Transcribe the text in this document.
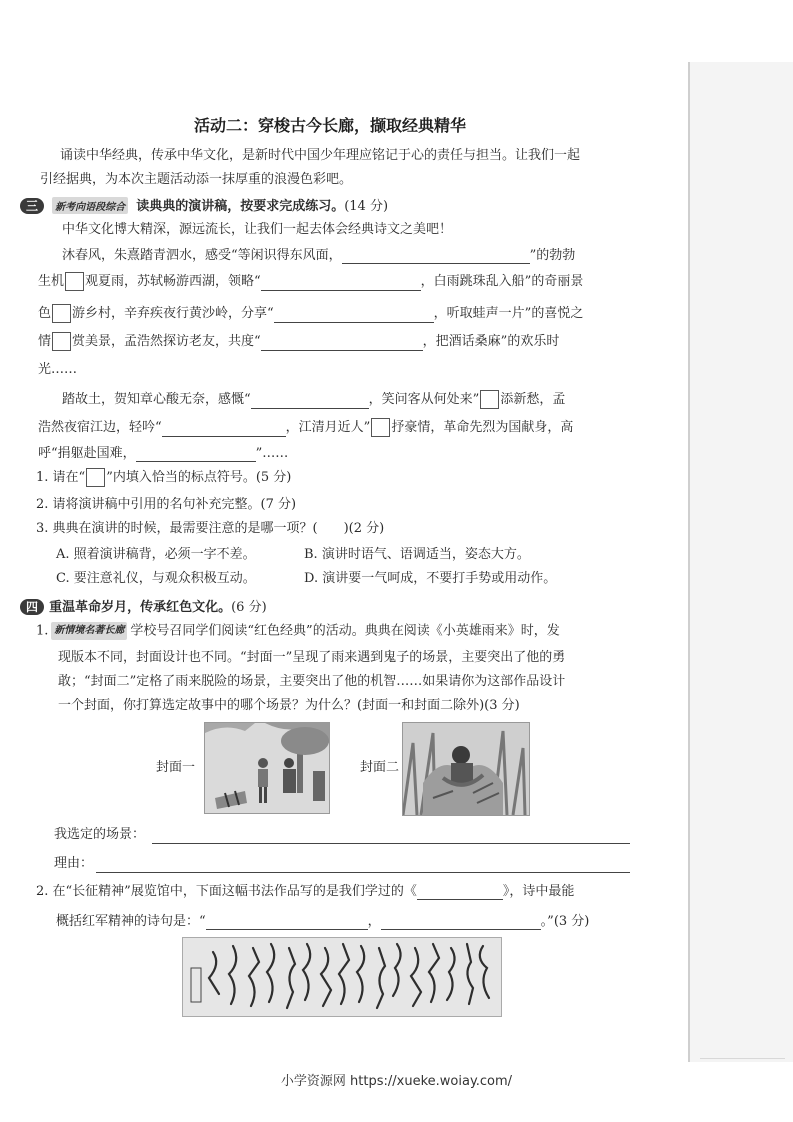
活动二：穿梭古今长廊，撷取经典精华
诵读中华经典，传承中华文化，是新时代中国少年理应铭记于心的责任与担当。让我们一起
引经据典，为本次主题活动添一抹厚重的浪漫色彩吧。
三 新考向语段综合 读典典的演讲稿，按要求完成练习。(14 分)
中华文化博大精深，源远流长，让我们一起去体会经典诗文之美吧！
沐春风，朱熹踏青泗水，感受“等闲识得东风面，	”的勃勃
生机 观夏雨，苏轼畅游西湖，领略“	，白雨跳珠乱入船”的奇丽景
色 游乡村，辛弃疾夜行黄沙岭，分享“	，听取蛙声一片”的喜悦之
情 赏美景，孟浩然探访老友，共度“	，把酒话桑麻”的欢乐时
光……
踏故土，贺知章心酸无奈，感慨“	，笑问客从何处来” 添新愁，孟
浩然夜宿江边，轻吟“	，江清月近人” 抒豪情，革命先烈为国献身，高
呼“捐躯赴国难，	”……
1. 请在“ ”内填入恰当的标点符号。(5 分)
2. 请将演讲稿中引用的名句补充完整。(7 分)
3. 典典在演讲的时候，最需要注意的是哪一项？(　　)(2 分)
A. 照着演讲稿背，必须一字不差。	B. 演讲时语气、语调适当，姿态大方。
C. 要注意礼仪，与观众积极互动。	D. 演讲要一气呵成，不要打手势或用动作。
四 重温革命岁月，传承红色文化。(6 分)
1. 新情境名著长廊 学校号召同学们阅读“红色经典”的活动。典典在阅读《小英雄雨来》时，发
现版本不同，封面设计也不同。“封面一”呈现了雨来遇到鬼子的场景，主要突出了他的勇
敢；“封面二”定格了雨来脱险的场景，主要突出了他的机智……如果请你为这部作品设计
一个封面，你打算选定故事中的哪个场景？为什么？(封面一和封面二除外)(3 分)
封面一	封面二
我选定的场景：
理由：
2. 在“长征精神”展览馆中，下面这幅书法作品写的是我们学过的《	》，诗中最能
概括红军精神的诗句是：“	，	。”(3 分)
小学资源网 https://xueke.woiay.com/
